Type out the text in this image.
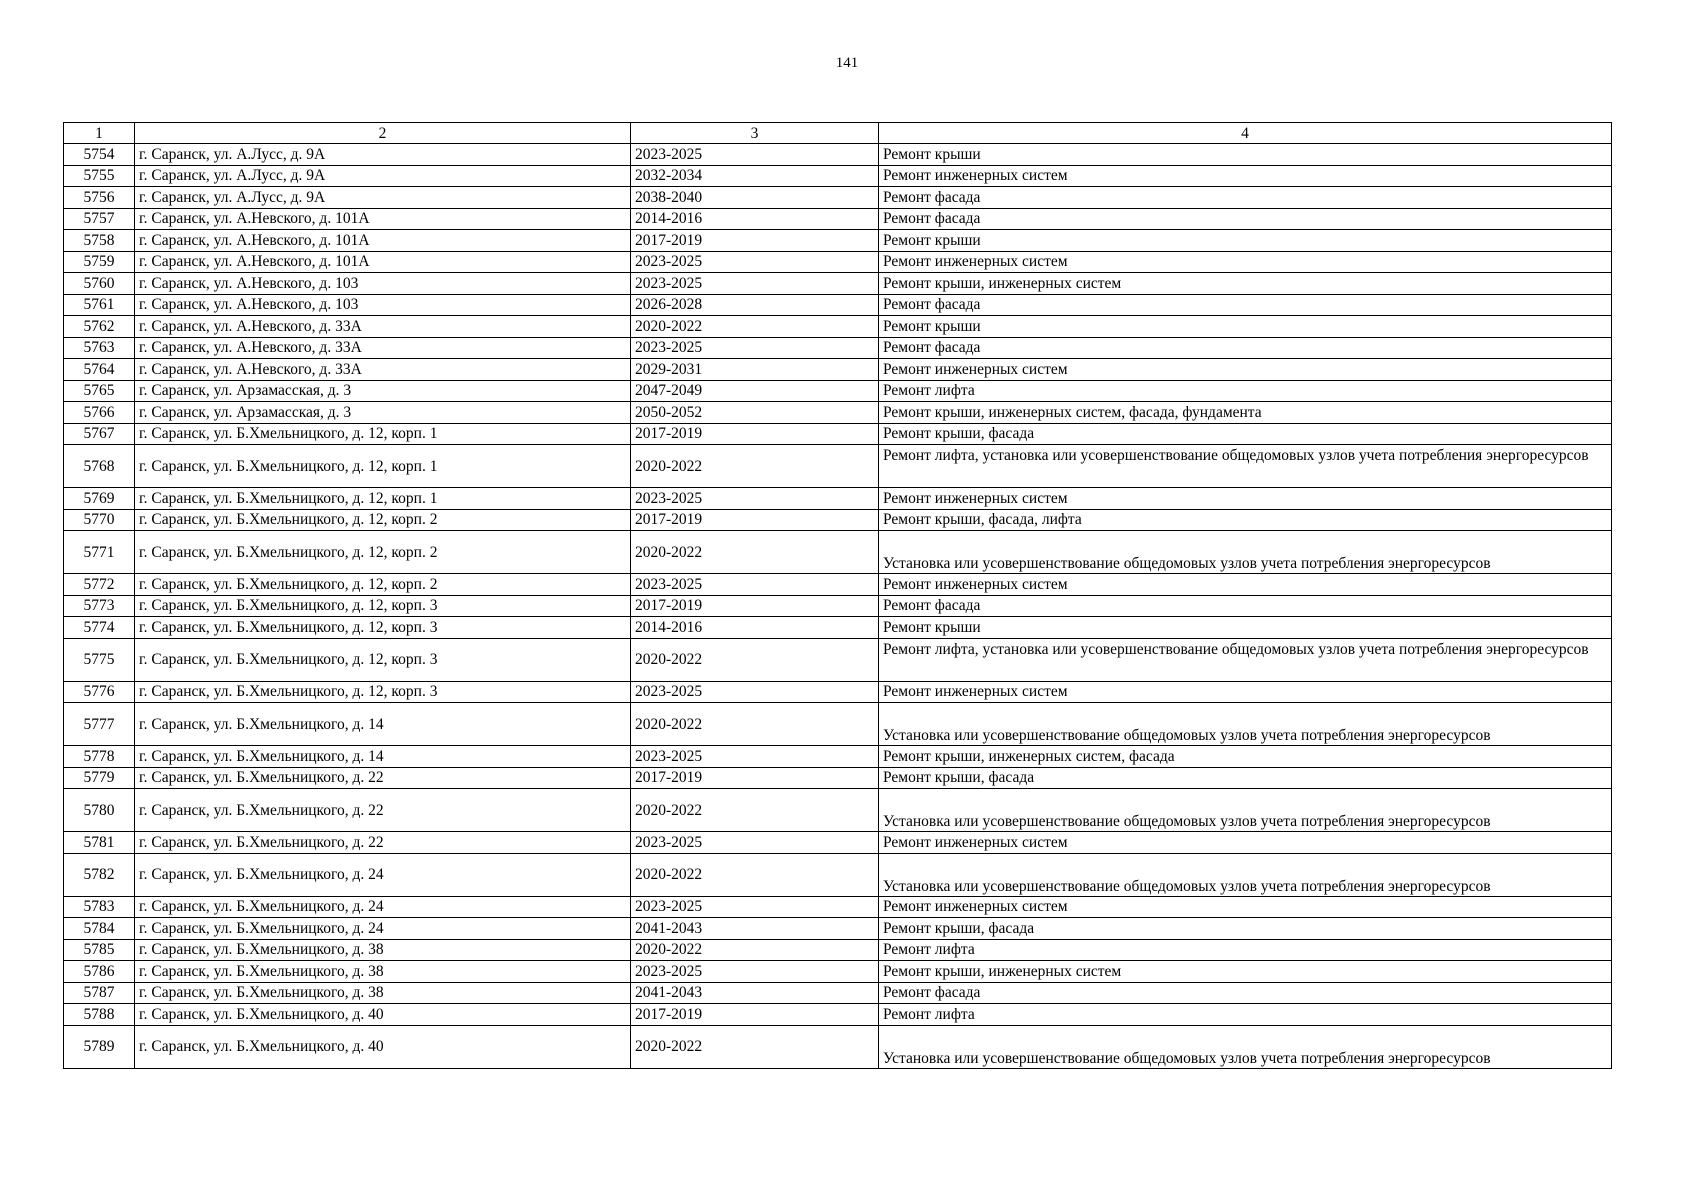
141
1	2	3	4
5754	г. Саранск, ул. А.Лусс, д. 9А	2023-2025	Ремонт крыши
5755	г. Саранск, ул. А.Лусс, д. 9А	2032-2034	Ремонт инженерных систем
5756	г. Саранск, ул. А.Лусс, д. 9А	2038-2040	Ремонт фасада
5757	г. Саранск, ул. А.Невского, д. 101А	2014-2016	Ремонт фасада
5758	г. Саранск, ул. А.Невского, д. 101А	2017-2019	Ремонт крыши
5759	г. Саранск, ул. А.Невского, д. 101А	2023-2025	Ремонт инженерных систем
5760	г. Саранск, ул. А.Невского, д. 103	2023-2025	Ремонт крыши, инженерных систем
5761	г. Саранск, ул. А.Невского, д. 103	2026-2028	Ремонт фасада
5762	г. Саранск, ул. А.Невского, д. 33А	2020-2022	Ремонт крыши
5763	г. Саранск, ул. А.Невского, д. 33А	2023-2025	Ремонт фасада
5764	г. Саранск, ул. А.Невского, д. 33А	2029-2031	Ремонт инженерных систем
5765	г. Саранск, ул. Арзамасская, д. 3	2047-2049	Ремонт лифта
5766	г. Саранск, ул. Арзамасская, д. 3	2050-2052	Ремонт крыши, инженерных систем, фасада, фундамента
5767	г. Саранск, ул. Б.Хмельницкого, д. 12, корп. 1	2017-2019	Ремонт крыши, фасада
5768	г. Саранск, ул. Б.Хмельницкого, д. 12, корп. 1	2020-2022	Ремонт лифта, установка или усовершенствование общедомовых узлов учета потребления энергоресурсов
5769	г. Саранск, ул. Б.Хмельницкого, д. 12, корп. 1	2023-2025	Ремонт инженерных систем
5770	г. Саранск, ул. Б.Хмельницкого, д. 12, корп. 2	2017-2019	Ремонт крыши, фасада, лифта
5771	г. Саранск, ул. Б.Хмельницкого, д. 12, корп. 2	2020-2022	Установка или усовершенствование общедомовых узлов учета потребления энергоресурсов
5772	г. Саранск, ул. Б.Хмельницкого, д. 12, корп. 2	2023-2025	Ремонт инженерных систем
5773	г. Саранск, ул. Б.Хмельницкого, д. 12, корп. 3	2017-2019	Ремонт фасада
5774	г. Саранск, ул. Б.Хмельницкого, д. 12, корп. 3	2014-2016	Ремонт крыши
5775	г. Саранск, ул. Б.Хмельницкого, д. 12, корп. 3	2020-2022	Ремонт лифта, установка или усовершенствование общедомовых узлов учета потребления энергоресурсов
5776	г. Саранск, ул. Б.Хмельницкого, д. 12, корп. 3	2023-2025	Ремонт инженерных систем
5777	г. Саранск, ул. Б.Хмельницкого, д. 14	2020-2022	Установка или усовершенствование общедомовых узлов учета потребления энергоресурсов
5778	г. Саранск, ул. Б.Хмельницкого, д. 14	2023-2025	Ремонт крыши, инженерных систем, фасада
5779	г. Саранск, ул. Б.Хмельницкого, д. 22	2017-2019	Ремонт крыши, фасада
5780	г. Саранск, ул. Б.Хмельницкого, д. 22	2020-2022	Установка или усовершенствование общедомовых узлов учета потребления энергоресурсов
5781	г. Саранск, ул. Б.Хмельницкого, д. 22	2023-2025	Ремонт инженерных систем
5782	г. Саранск, ул. Б.Хмельницкого, д. 24	2020-2022	Установка или усовершенствование общедомовых узлов учета потребления энергоресурсов
5783	г. Саранск, ул. Б.Хмельницкого, д. 24	2023-2025	Ремонт инженерных систем
5784	г. Саранск, ул. Б.Хмельницкого, д. 24	2041-2043	Ремонт крыши, фасада
5785	г. Саранск, ул. Б.Хмельницкого, д. 38	2020-2022	Ремонт лифта
5786	г. Саранск, ул. Б.Хмельницкого, д. 38	2023-2025	Ремонт крыши, инженерных систем
5787	г. Саранск, ул. Б.Хмельницкого, д. 38	2041-2043	Ремонт фасада
5788	г. Саранск, ул. Б.Хмельницкого, д. 40	2017-2019	Ремонт лифта
5789	г. Саранск, ул. Б.Хмельницкого, д. 40	2020-2022	Установка или усовершенствование общедомовых узлов учета потребления энергоресурсов
